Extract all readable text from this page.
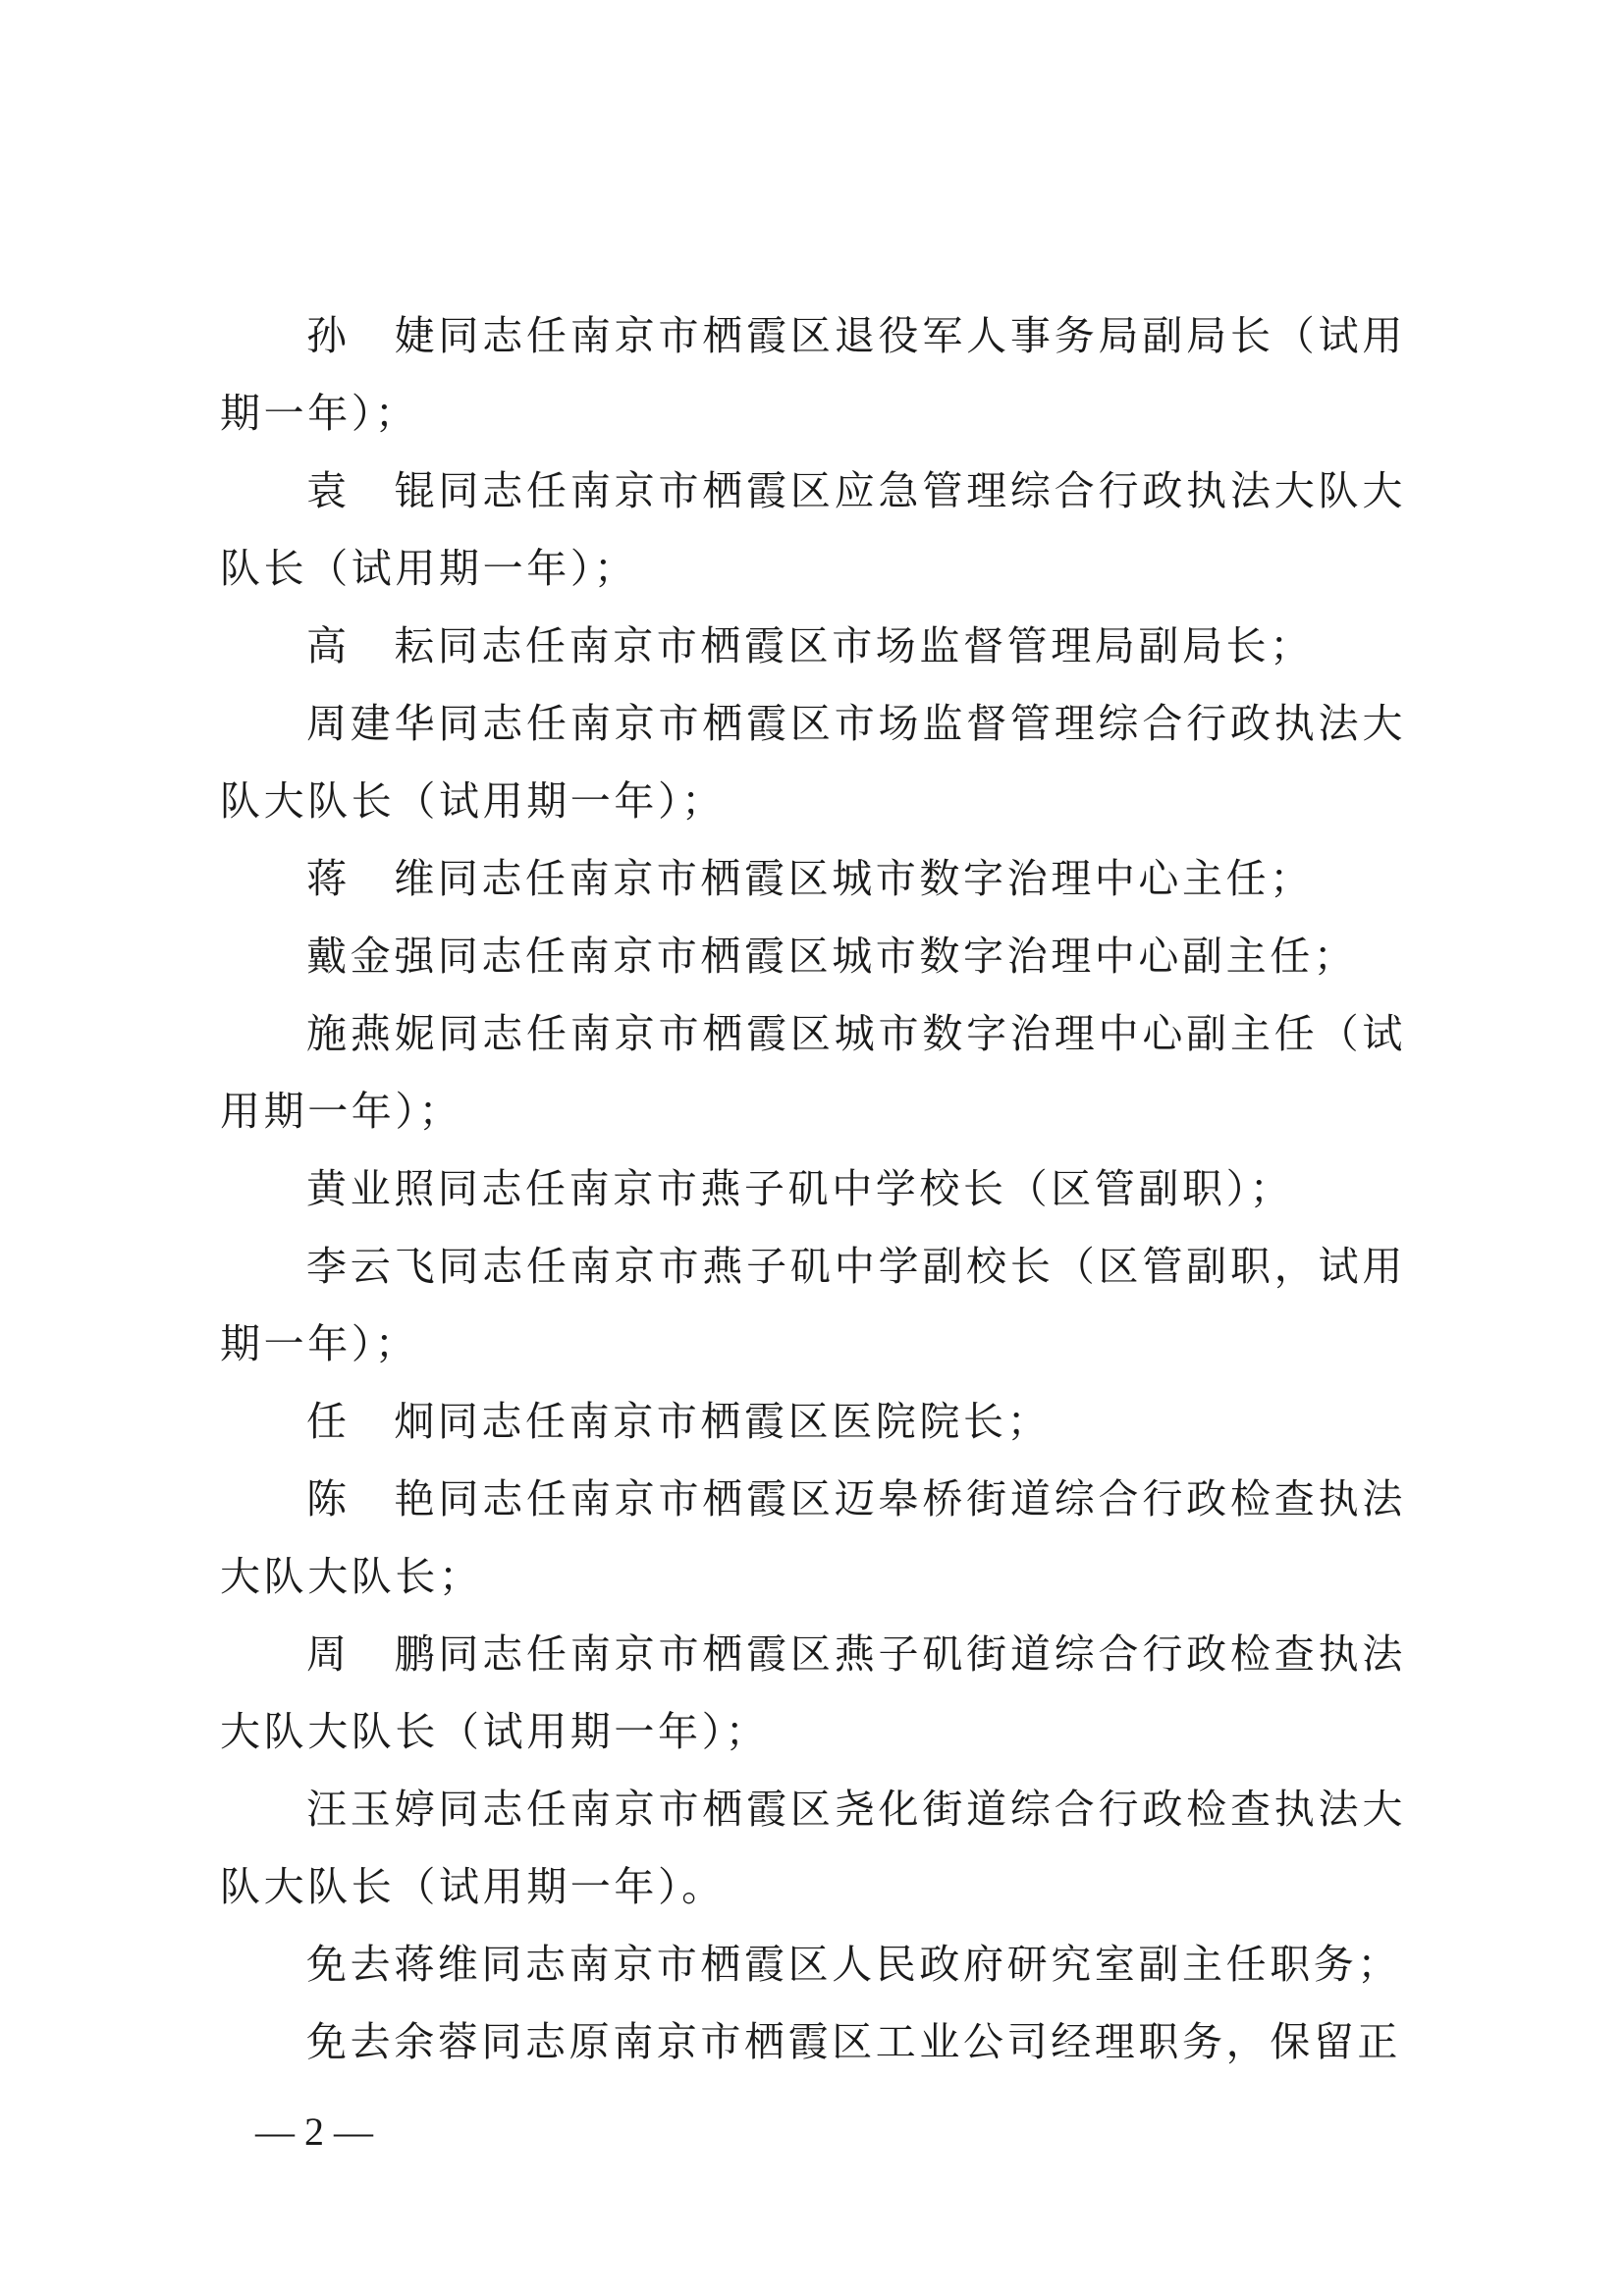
孙　婕同志任南京市栖霞区退役军人事务局副局长（试用期一年）；

袁　锟同志任南京市栖霞区应急管理综合行政执法大队大队长（试用期一年）；

高　耘同志任南京市栖霞区市场监督管理局副局长；

周建华同志任南京市栖霞区市场监督管理综合行政执法大队大队长（试用期一年）；

蒋　维同志任南京市栖霞区城市数字治理中心主任；

戴金强同志任南京市栖霞区城市数字治理中心副主任；

施燕妮同志任南京市栖霞区城市数字治理中心副主任（试用期一年）；

黄业照同志任南京市燕子矶中学校长（区管副职）；

李云飞同志任南京市燕子矶中学副校长（区管副职，试用期一年）；

任　炯同志任南京市栖霞区医院院长；

陈　艳同志任南京市栖霞区迈皋桥街道综合行政检查执法大队大队长；

周　鹏同志任南京市栖霞区燕子矶街道综合行政检查执法大队大队长（试用期一年）；

汪玉婷同志任南京市栖霞区尧化街道综合行政检查执法大队大队长（试用期一年）。

免去蒋维同志南京市栖霞区人民政府研究室副主任职务；

免去余蓉同志原南京市栖霞区工业公司经理职务，保留正

— 2 —
